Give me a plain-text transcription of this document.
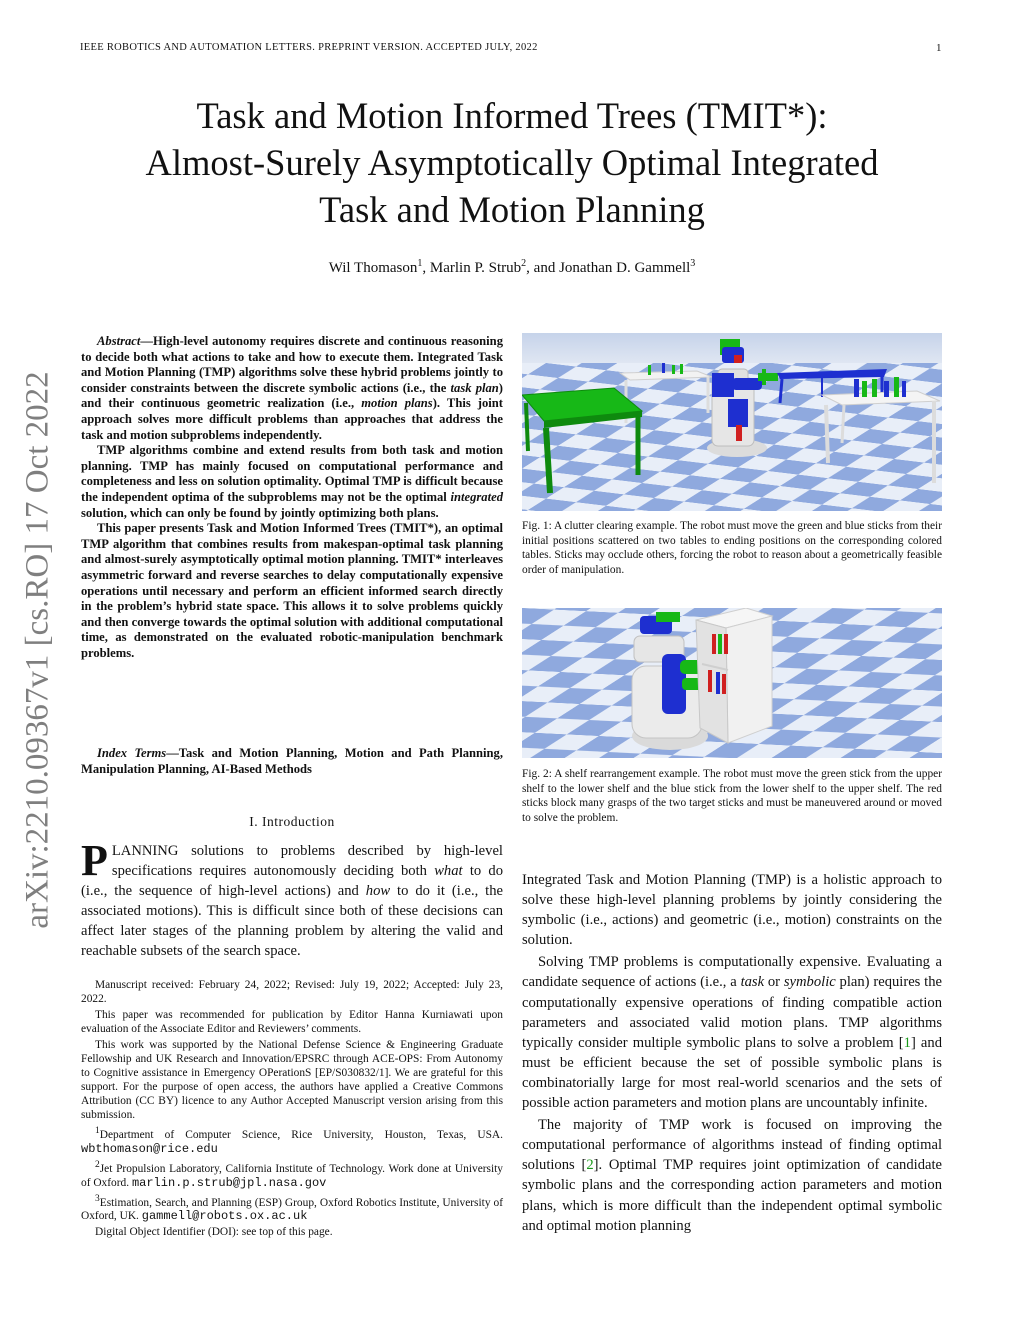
IEEE ROBOTICS AND AUTOMATION LETTERS. PREPRINT VERSION. ACCEPTED JULY, 2022	1
Task and Motion Informed Trees (TMIT*):
Almost-Surely Asymptotically Optimal Integrated
Task and Motion Planning
Wil Thomason$^1$, Marlin P. Strub$^2$, and Jonathan D. Gammell$^3$
arXiv:2210.09367v1 [cs.RO] 17 Oct 2022

Abstract—High-level autonomy requires discrete and continuous reasoning to decide both what actions to take and how to execute them. Integrated Task and Motion Planning (TMP) algorithms solve these hybrid problems jointly to consider constraints between the discrete symbolic actions (i.e., the task plan) and their continuous geometric realization (i.e., motion plans). This joint approach solves more difficult problems than approaches that address the task and motion subproblems independently.

TMP algorithms combine and extend results from both task and motion planning. TMP has mainly focused on computational performance and completeness and less on solution optimality. Optimal TMP is difficult because the independent optima of the subproblems may not be the optimal integrated solution, which can only be found by jointly optimizing both plans.

This paper presents Task and Motion Informed Trees (TMIT*), an optimal TMP algorithm that combines results from makespan-optimal task planning and almost-surely asymptotically optimal motion planning. TMIT* interleaves asymmetric forward and reverse searches to delay computationally expensive operations until necessary and perform an efficient informed search directly in the problem’s hybrid state space. This allows it to solve problems quickly and then converge towards the optimal solution with additional computational time, as demonstrated on the evaluated robotic-manipulation benchmark problems.

Index Terms—Task and Motion Planning, Motion and Path Planning, Manipulation Planning, AI-Based Methods

I. Introduction
PLANNING solutions to problems described by high-level specifications requires autonomously deciding both what to do (i.e., the sequence of high-level actions) and how to do it (i.e., the associated motions). This is difficult since both of these decisions can affect later stages of the planning problem by altering the valid and reachable subsets of the search space.

Manuscript received: February 24, 2022; Revised: July 19, 2022; Accepted: July 23, 2022.

This paper was recommended for publication by Editor Hanna Kurniawati upon evaluation of the Associate Editor and Reviewers’ comments.

This work was supported by the National Defense Science & Engineering Graduate Fellowship and UK Research and Innovation/EPSRC through ACE-OPS: From Autonomy to Cognitive assistance in Emergency OPerationS [EP/S030832/1]. We are grateful for this support. For the purpose of open access, the authors have applied a Creative Commons Attribution (CC BY) licence to any Author Accepted Manuscript version arising from this submission.

$^1$Department of Computer Science, Rice University, Houston, Texas, USA. wbthomason@rice.edu

$^2$Jet Propulsion Laboratory, California Institute of Technology. Work done at University of Oxford. marlin.p.strub@jpl.nasa.gov

$^3$Estimation, Search, and Planning (ESP) Group, Oxford Robotics Institute, University of Oxford, UK. gammell@robots.ox.ac.uk

Digital Object Identifier (DOI): see top of this page.

Fig. 1: A clutter clearing example. The robot must move the green and blue sticks from their initial positions scattered on two tables to ending positions on the corresponding colored tables. Sticks may occlude others, forcing the robot to reason about a geometrically feasible order of manipulation.
Fig. 2: A shelf rearrangement example. The robot must move the green stick from the upper shelf to the lower shelf and the blue stick from the lower shelf to the upper shelf. The red sticks block many grasps of the two target sticks and must be maneuvered around or moved to solve the problem.

Integrated Task and Motion Planning (TMP) is a holistic approach to solve these high-level planning problems by jointly considering the symbolic (i.e., actions) and geometric (i.e., motion) constraints on the solution.

Solving TMP problems is computationally expensive. Evaluating a candidate sequence of actions (i.e., a task or symbolic plan) requires the computationally expensive operations of finding compatible action parameters and associated valid motion plans. TMP algorithms typically consider multiple symbolic plans to solve a problem [1] and must be efficient because the set of possible symbolic plans is combinatorially large for most real-world scenarios and the sets of possible action parameters and motion plans are uncountably infinite.

The majority of TMP work is focused on improving the computational performance of algorithms instead of finding optimal solutions [2]. Optimal TMP requires joint optimization of candidate symbolic plans and the corresponding action parameters and motion plans, which is more difficult than the independent optimal symbolic and optimal motion planning
